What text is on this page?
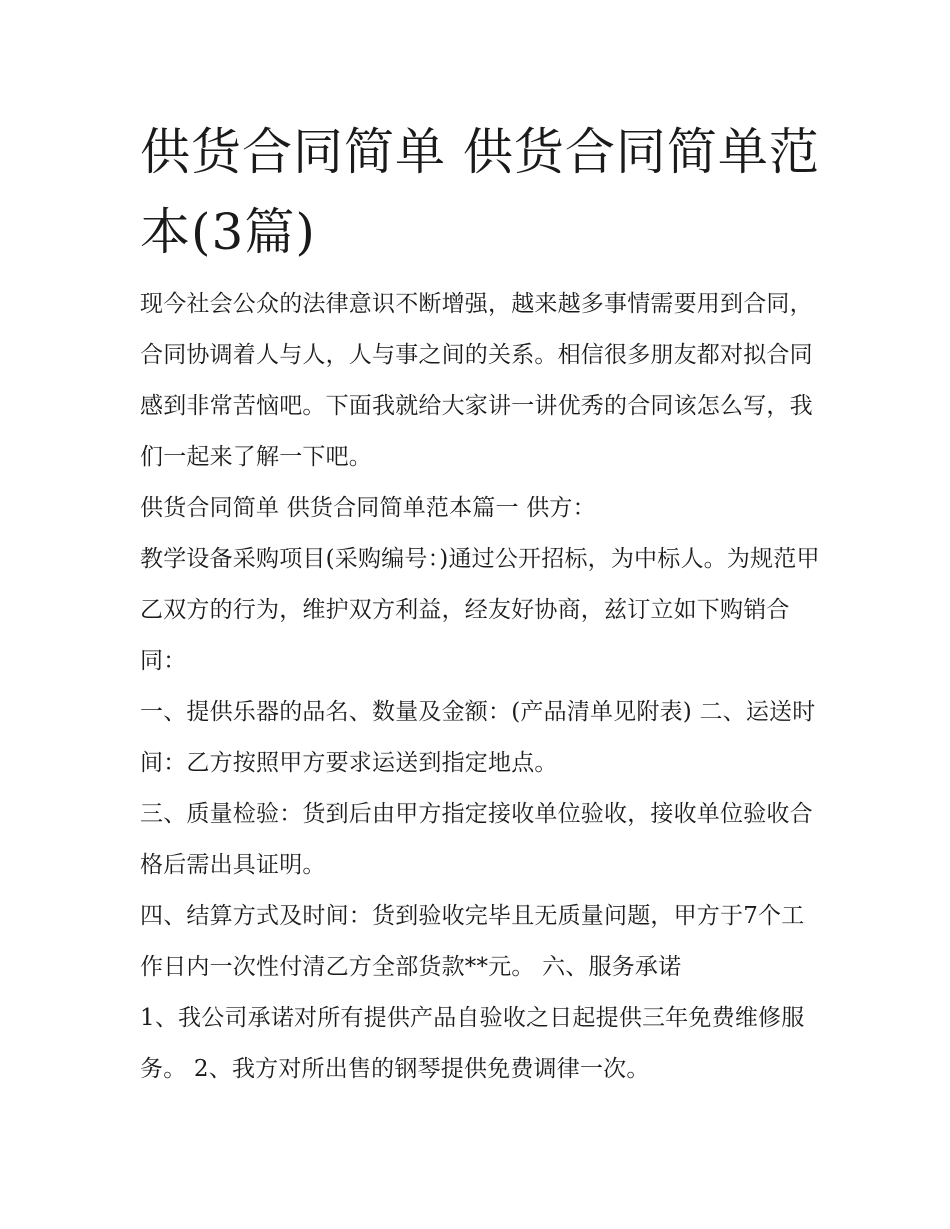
供货合同简单 供货合同简单范本(3篇)

现今社会公众的法律意识不断增强，越来越多事情需要用到合同，合同协调着人与人，人与事之间的关系。相信很多朋友都对拟合同感到非常苦恼吧。下面我就给大家讲一讲优秀的合同该怎么写，我们一起来了解一下吧。

供货合同简单 供货合同简单范本篇一 供方：

教学设备采购项目(采购编号：)通过公开招标，为中标人。为规范甲乙双方的行为，维护双方利益，经友好协商，兹订立如下购销合同：

一、提供乐器的品名、数量及金额：(产品清单见附表) 二、运送时间：乙方按照甲方要求运送到指定地点。

三、质量检验：货到后由甲方指定接收单位验收，接收单位验收合格后需出具证明。

四、结算方式及时间：货到验收完毕且无质量问题，甲方于7个工作日内一次性付清乙方全部货款**元。 六、服务承诺

1、我公司承诺对所有提供产品自验收之日起提供三年免费维修服务。 2、我方对所出售的钢琴提供免费调律一次。
